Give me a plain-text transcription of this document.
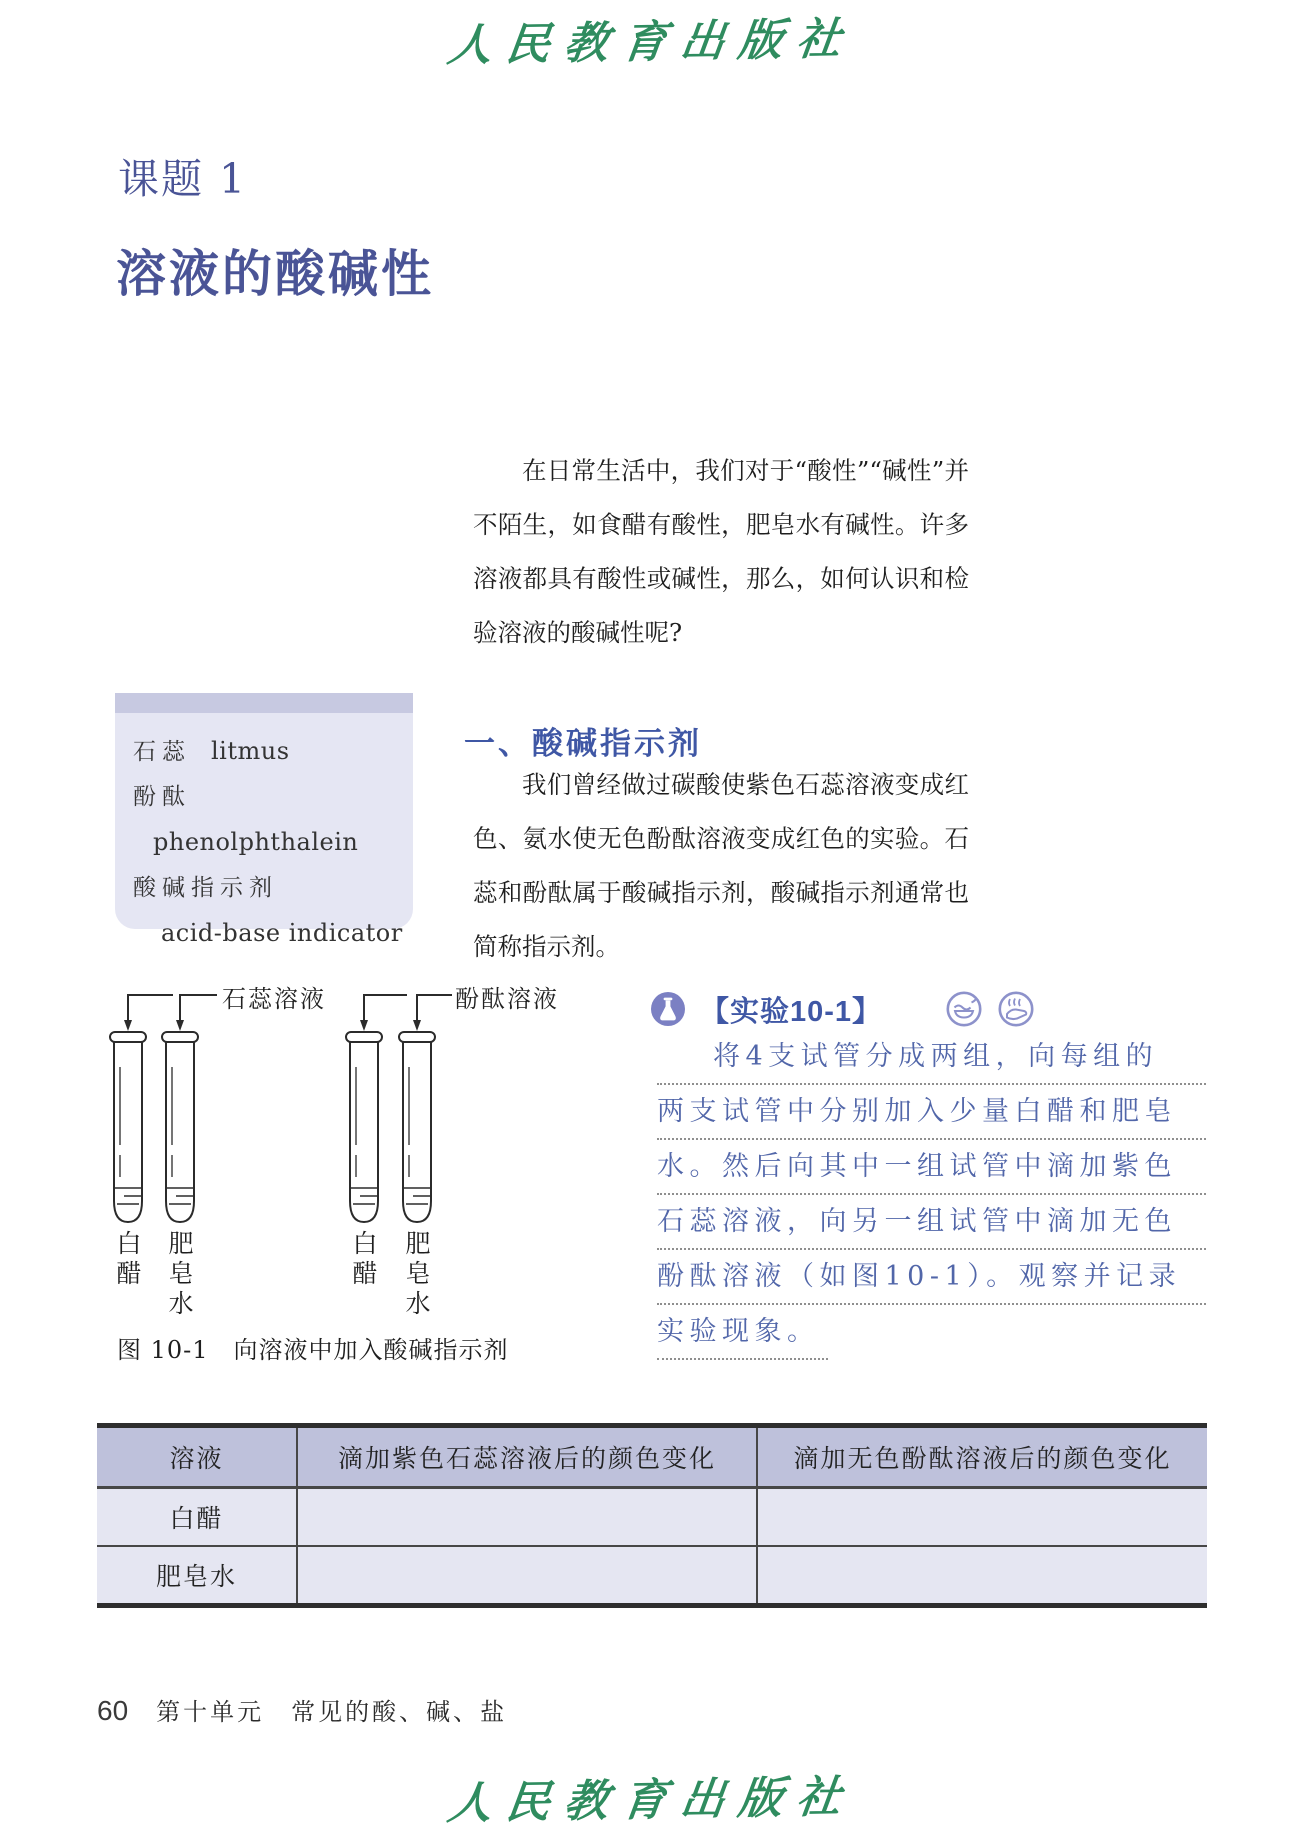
人民教育出版社
课题 1
溶液的酸碱性
在日常生活中，我们对于“酸性”“碱性”并不陌生，如食醋有酸性，肥皂水有碱性。许多溶液都具有酸性或碱性，那么，如何认识和检验溶液的酸碱性呢?
石蕊 litmus
酚酞phenolphthalein
酸碱指示剂
acid-base indicator
一、酸碱指示剂
我们曾经做过碳酸使紫色石蕊溶液变成红色、氨水使无色酚酞溶液变成红色的实验。石蕊和酚酞属于酸碱指示剂，酸碱指示剂通常也简称指示剂。
石蕊溶液	酚酞溶液
白醋 肥皂水	白醋 肥皂水
图 10-1　向溶液中加入酸碱指示剂
【实验10-1】
将4支试管分成两组，向每组的
两支试管中分别加入少量白醋和肥皂
水。然后向其中一组试管中滴加紫色
石蕊溶液，向另一组试管中滴加无色
酚酞溶液（如图10-1）。观察并记录
实验现象。
溶液	滴加紫色石蕊溶液后的颜色变化	滴加无色酚酞溶液后的颜色变化
白醋		
肥皂水		
60 第十单元　常见的酸、碱、盐
人民教育出版社
